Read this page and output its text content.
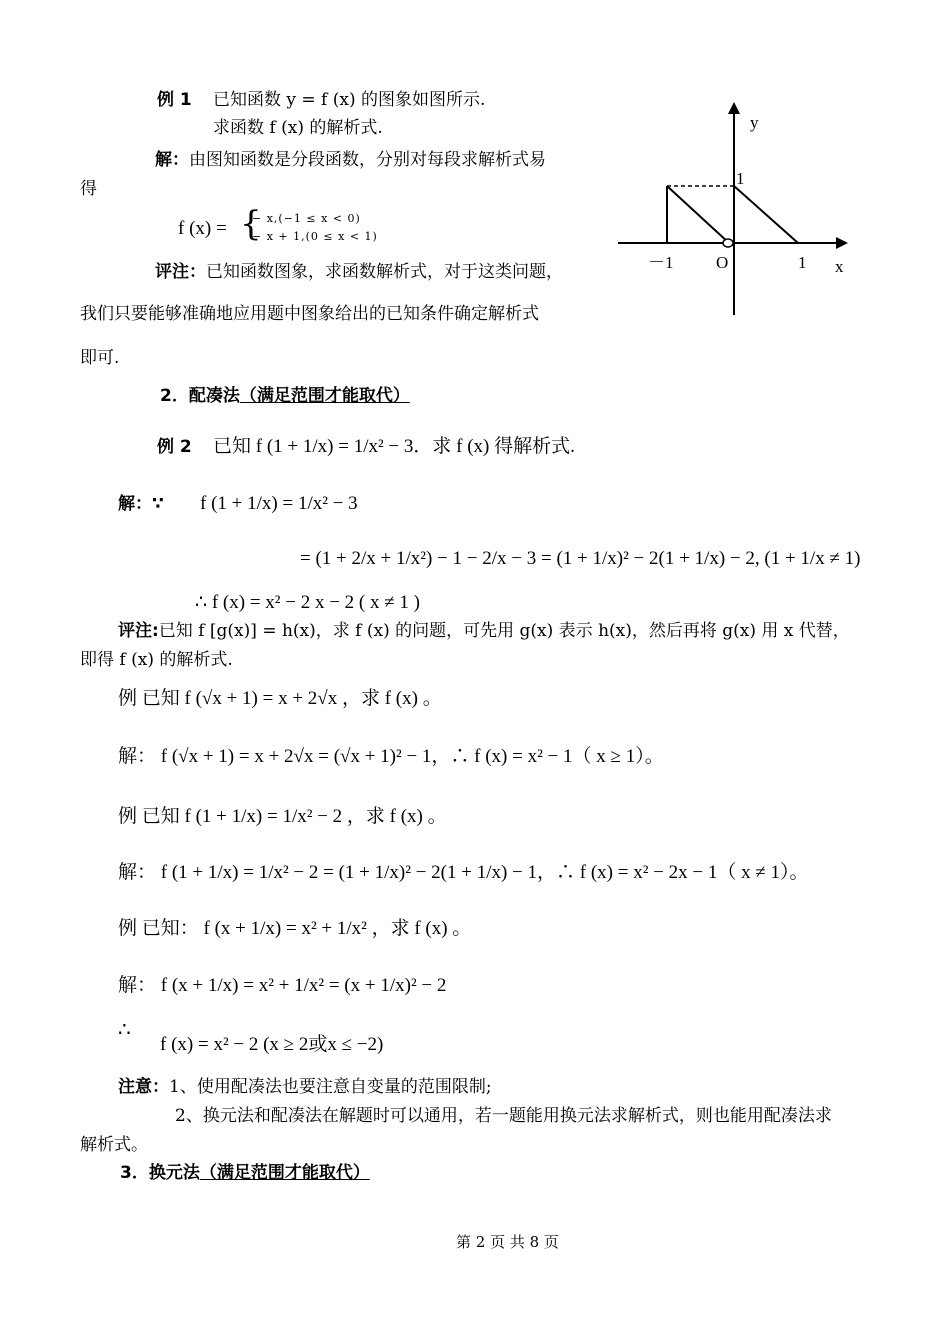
例 1 已知函数 y = f (x) 的图象如图所示.
求函数 f (x) 的解析式.
解：由图知函数是分段函数，分别对每段求解析式易
得
f (x) = {
− x,(−1 ≤ x < 0)
− x + 1,(0 ≤ x < 1)
评注：已知函数图象，求函数解析式，对于这类问题，
我们只要能够准确地应用题中图象给出的已知条件确定解析式
即可.
y
x
O
1
－1	1
2．配凑法（满足范围才能取代）
例 2 已知 f (1 + 1/x) = 1/x² − 3．求 f (x) 得解析式.
解：∵ f (1 + 1/x) = 1/x² − 3
= (1 + 2/x + 1/x²) − 1 − 2/x − 3 = (1 + 1/x)² − 2(1 + 1/x) − 2, (1 + 1/x ≠ 1)
∴ f (x) = x² − 2 x − 2 ( x ≠ 1 )
评注:已知 f [g(x)] = h(x)，求 f (x) 的问题，可先用 g(x) 表示 h(x)，然后再将 g(x) 用 x 代替，
即得 f (x) 的解析式.
例 已知 f (√x + 1) = x + 2√x ，求 f (x) 。
解： f (√x + 1) = x + 2√x = (√x + 1)² − 1，∴ f (x) = x² − 1（ x ≥ 1）。
例 已知 f (1 + 1/x) = 1/x² − 2 ，求 f (x) 。
解： f (1 + 1/x) = 1/x² − 2 = (1 + 1/x)² − 2(1 + 1/x) − 1，∴ f (x) = x² − 2x − 1（ x ≠ 1）。
例 已知： f (x + 1/x) = x² + 1/x² ，求 f (x) 。
解： f (x + 1/x) = x² + 1/x² = (x + 1/x)² − 2
∴
f (x) = x² − 2 (x ≥ 2或x ≤ −2)
注意：1、使用配凑法也要注意自变量的范围限制;
2、换元法和配凑法在解题时可以通用，若一题能用换元法求解析式，则也能用配凑法求
解析式。
3．换元法（满足范围才能取代）
第 2 页 共 8 页
